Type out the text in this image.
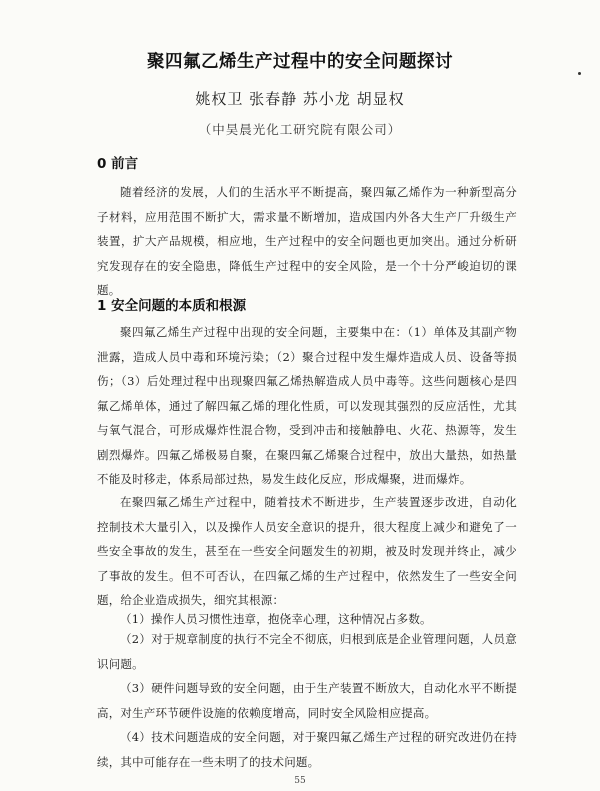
聚四氟乙烯生产过程中的安全问题探讨
姚权卫 张春静 苏小龙 胡显权
（中昊晨光化工研究院有限公司）
0 前言

随着经济的发展，人们的生活水平不断提高，聚四氟乙烯作为一种新型高分子材料，应用范围不断扩大，需求量不断增加，造成国内外各大生产厂升级生产装置，扩大产品规模，相应地，生产过程中的安全问题也更加突出。通过分析研究发现存在的安全隐患，降低生产过程中的安全风险，是一个十分严峻迫切的课题。

1 安全问题的本质和根源

聚四氟乙烯生产过程中出现的安全问题，主要集中在：（1）单体及其副产物泄露，造成人员中毒和环境污染；（2）聚合过程中发生爆炸造成人员、设备等损伤；（3）后处理过程中出现聚四氟乙烯热解造成人员中毒等。这些问题核心是四氟乙烯单体，通过了解四氟乙烯的理化性质，可以发现其强烈的反应活性，尤其与氧气混合，可形成爆炸性混合物，受到冲击和接触静电、火花、热源等，发生剧烈爆炸。四氟乙烯极易自聚，在聚四氟乙烯聚合过程中，放出大量热，如热量不能及时移走，体系局部过热，易发生歧化反应，形成爆聚，进而爆炸。

在聚四氟乙烯生产过程中，随着技术不断进步，生产装置逐步改进，自动化控制技术大量引入，以及操作人员安全意识的提升，很大程度上减少和避免了一些安全事故的发生，甚至在一些安全问题发生的初期，被及时发现并终止，减少了事故的发生。但不可否认，在四氟乙烯的生产过程中，依然发生了一些安全问题，给企业造成损失，细究其根源：

（1）操作人员习惯性违章，抱侥幸心理，这种情况占多数。

（2）对于规章制度的执行不完全不彻底，归根到底是企业管理问题，人员意识问题。

（3）硬件问题导致的安全问题，由于生产装置不断放大，自动化水平不断提高，对生产环节硬件设施的依赖度增高，同时安全风险相应提高。

（4）技术问题造成的安全问题，对于聚四氟乙烯生产过程的研究改进仍在持续，其中可能存在一些未明了的技术问题。

55
